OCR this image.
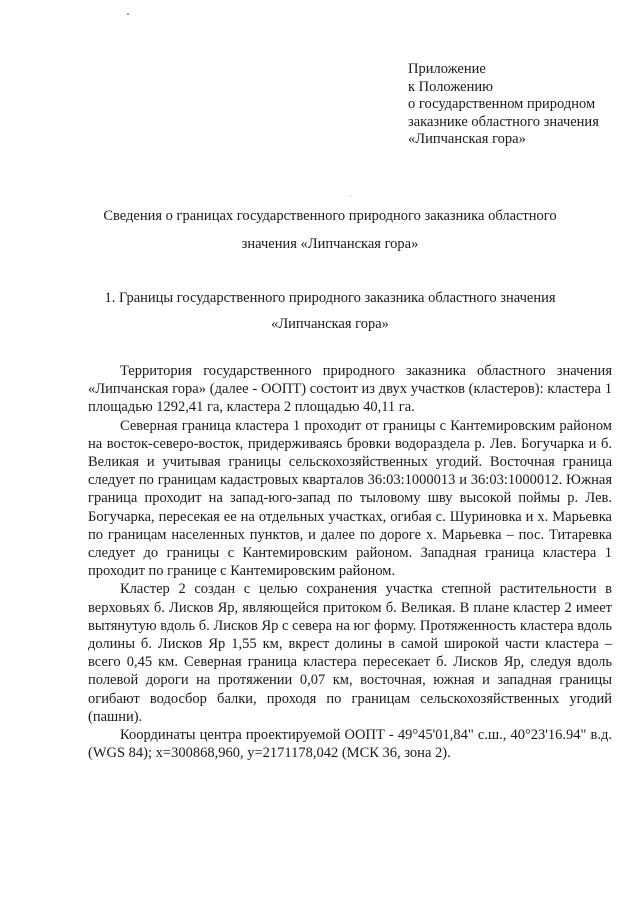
Приложение
к Положению
о государственном природном
заказнике областного значения
«Липчанская гора»
Сведения о границах государственного природного заказника областного
значения «Липчанская гора»
1. Границы государственного природного заказника областного значения
«Липчанская гора»

Территория государственного природного заказника областного значения «Липчанская гора» (далее - ООПТ) состоит из двух участков (кластеров): кластера 1 площадью 1292,41 га, кластера 2 площадью 40,11 га.

Северная граница кластера 1 проходит от границы с Кантемировским районом на восток-северо-восток, придерживаясь бровки водораздела р. Лев. Богучарка и б. Великая и учитывая границы сельскохозяйственных угодий. Восточная граница следует по границам кадастровых кварталов 36:03:1000013 и 36:03:1000012. Южная граница проходит на запад-юго-запад по тыловому шву высокой поймы р. Лев. Богучарка, пересекая ее на отдельных участках, огибая с. Шуриновка и х. Марьевка по границам населенных пунктов, и далее по дороге х. Марьевка – пос. Титаревка следует до границы с Кантемировским районом. Западная граница кластера 1 проходит по границе с Кантемировским районом.

Кластер 2 создан с целью сохранения участка степной растительности в верховьях б. Лисков Яр, являющейся притоком б. Великая. В плане кластер 2 имеет вытянутую вдоль б. Лисков Яр с севера на юг форму. Протяженность кластера вдоль долины б. Лисков Яр 1,55 км, вкрест долины в самой широкой части кластера – всего 0,45 км. Северная граница кластера пересекает б. Лисков Яр, следуя вдоль полевой дороги на протяжении 0,07 км, восточная, южная и западная границы огибают водосбор балки, проходя по границам сельскохозяйственных угодий (пашни).

Координаты центра проектируемой ООПТ - 49°45'01,84" с.ш., 40°23'16.94" в.д. (WGS 84); х=300868,960, у=2171178,042 (МСК 36, зона 2).
